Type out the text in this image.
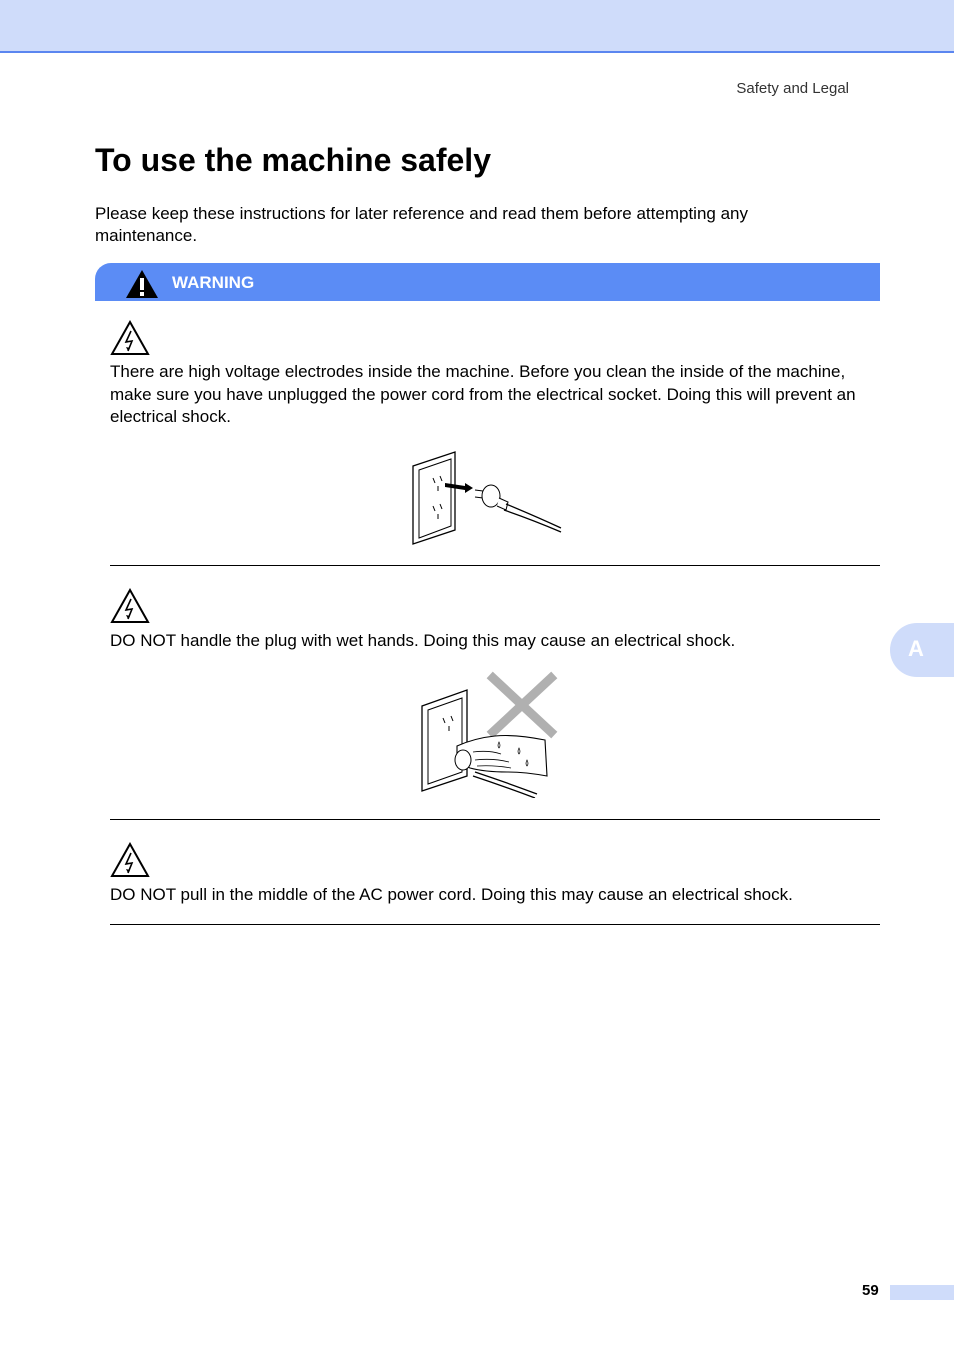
Safety and Legal
To use the machine safely
Please keep these instructions for later reference and read them before attempting any maintenance.
WARNING
There are high voltage electrodes inside the machine. Before you clean the inside of the machine, make sure you have unplugged the power cord from the electrical socket. Doing this will prevent an electrical shock.
DO NOT handle the plug with wet hands. Doing this may cause an electrical shock.
DO NOT pull in the middle of the AC power cord. Doing this may cause an electrical shock.
A
59
